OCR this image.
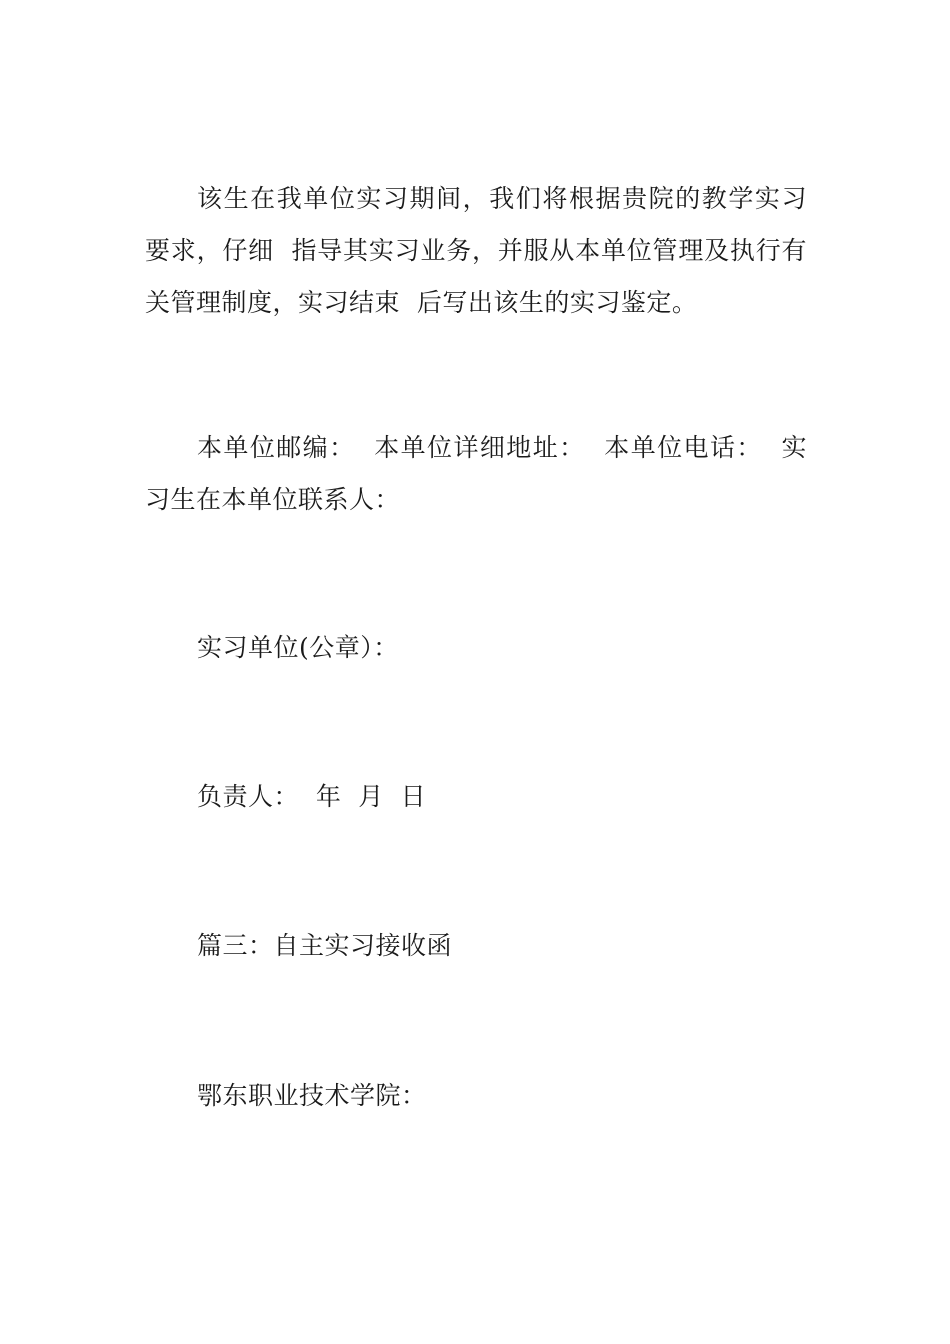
该生在我单位实习期间，我们将根据贵院的教学实习要求，仔细  指导其实习业务，并服从本单位管理及执行有关管理制度，实习结束  后写出该生的实习鉴定。

本单位邮编：  本单位详细地址：  本单位电话：  实习生在本单位联系人：

实习单位(公章）：

负责人：  年  月  日

篇三：自主实习接收函

鄂东职业技术学院：
